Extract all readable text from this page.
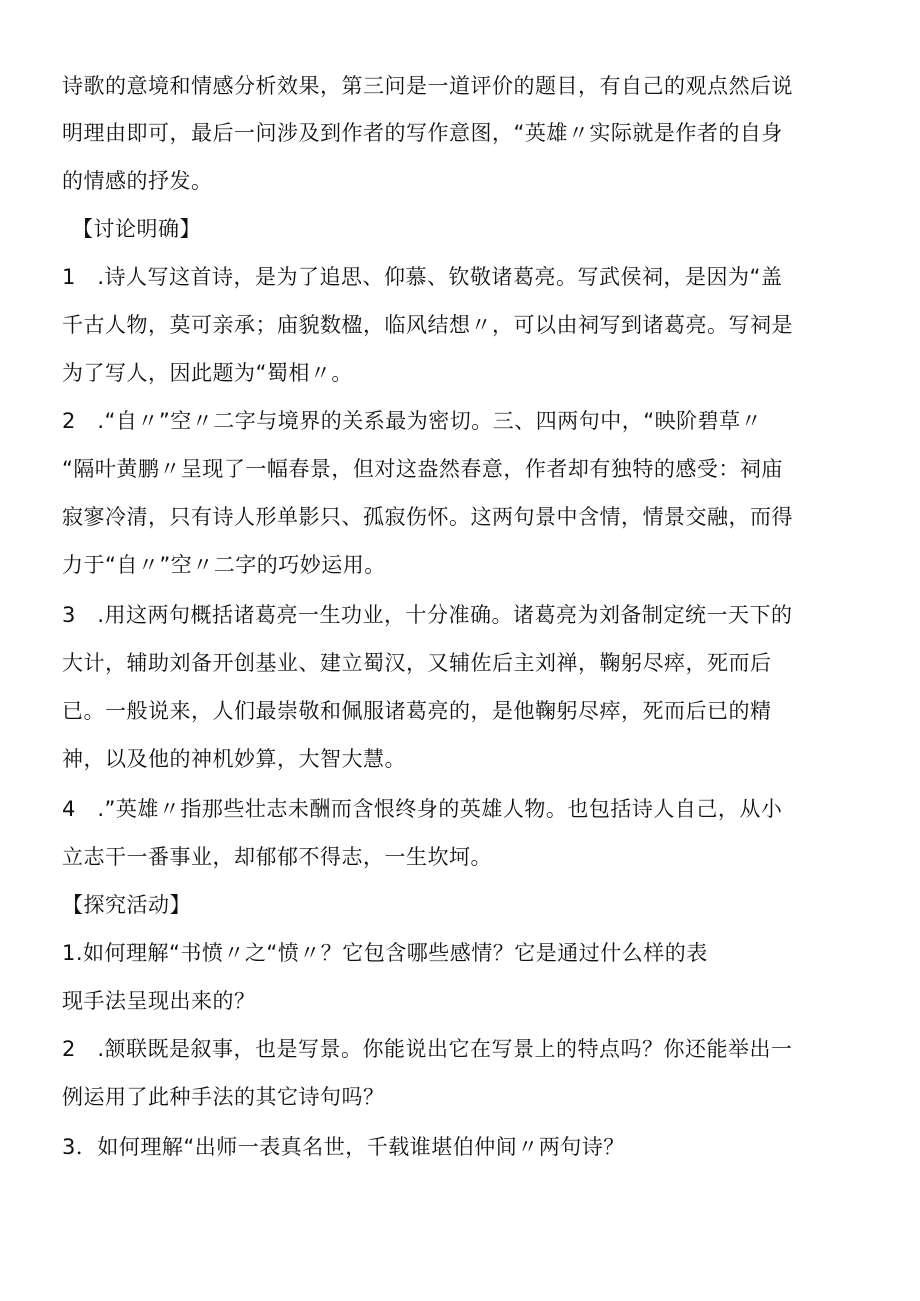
诗歌的意境和情感分析效果，第三问是一道评价的题目，有自己的观点然后说
明理由即可，最后一问涉及到作者的写作意图，“英雄〃实际就是作者的自身
的情感的抒发。
【讨论明确】
1　.诗人写这首诗，是为了追思、仰慕、钦敬诸葛亮。写武侯祠，是因为“盖
千古人物，莫可亲承；庙貌数楹，临风结想〃，可以由祠写到诸葛亮。写祠是
为了写人，因此题为“蜀相〃。
2　.“自〃”空〃二字与境界的关系最为密切。三、四两句中，“映阶碧草〃
“隔叶黄鹏〃呈现了一幅春景，但对这盎然春意，作者却有独特的感受：祠庙
寂寥冷清，只有诗人形单影只、孤寂伤怀。这两句景中含情，情景交融，而得
力于“自〃”空〃二字的巧妙运用。
3　.用这两句概括诸葛亮一生功业，十分准确。诸葛亮为刘备制定统一天下的
大计，辅助刘备开创基业、建立蜀汉，又辅佐后主刘禅，鞠躬尽瘁，死而后
已。一般说来，人们最崇敬和佩服诸葛亮的，是他鞠躬尽瘁，死而后已的精
神，以及他的神机妙算，大智大慧。
4　.”英雄〃指那些壮志未酬而含恨终身的英雄人物。也包括诗人自己，从小
立志干一番事业，却郁郁不得志，一生坎坷。
【探究活动】
1.如何理解“书愤〃之“愤〃？它包含哪些感情？它是通过什么样的表
现手法呈现出来的？
2　.颔联既是叙事，也是写景。你能说出它在写景上的特点吗？你还能举出一
例运用了此种手法的其它诗句吗？
3．如何理解“出师一表真名世，千载谁堪伯仲间〃两句诗？
